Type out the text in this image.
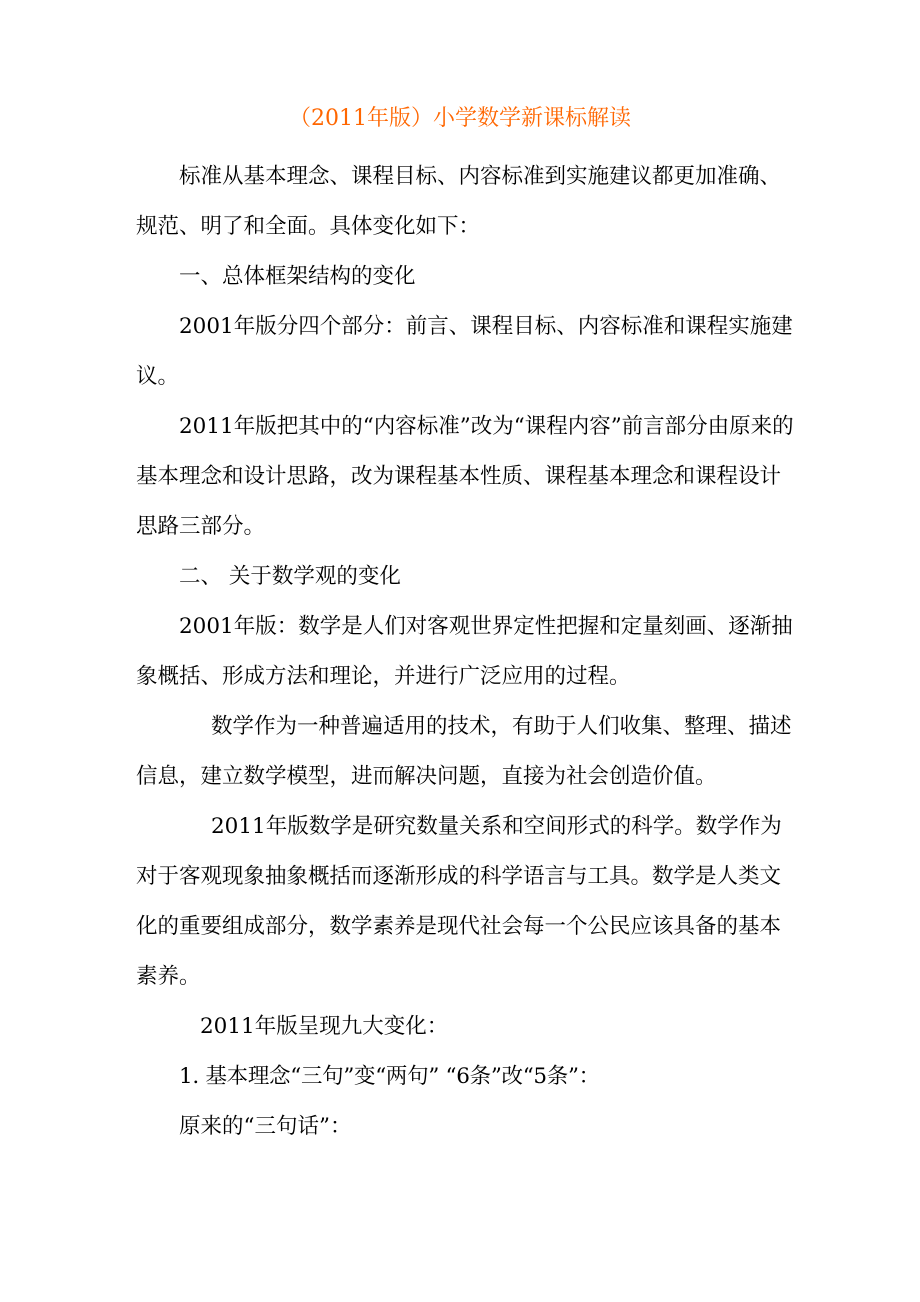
（2011年版）小学数学新课标解读

标准从基本理念、课程目标、内容标准到实施建议都更加准确、规范、明了和全面。具体变化如下：

一、总体框架结构的变化

2001年版分四个部分：前言、课程目标、内容标准和课程实施建议。

2011年版把其中的“内容标准”改为“课程内容”前言部分由原来的基本理念和设计思路，改为课程基本性质、课程基本理念和课程设计思路三部分。

二、 关于数学观的变化

2001年版：数学是人们对客观世界定性把握和定量刻画、逐渐抽象概括、形成方法和理论，并进行广泛应用的过程。

数学作为一种普遍适用的技术，有助于人们收集、整理、描述信息，建立数学模型，进而解决问题，直接为社会创造价值。

2011年版数学是研究数量关系和空间形式的科学。数学作为对于客观现象抽象概括而逐渐形成的科学语言与工具。数学是人类文化的重要组成部分，数学素养是现代社会每一个公民应该具备的基本素养。

2011年版呈现九大变化：

1. 基本理念“三句”变“两句” “6条”改“5条”：

原来的“三句话”：
